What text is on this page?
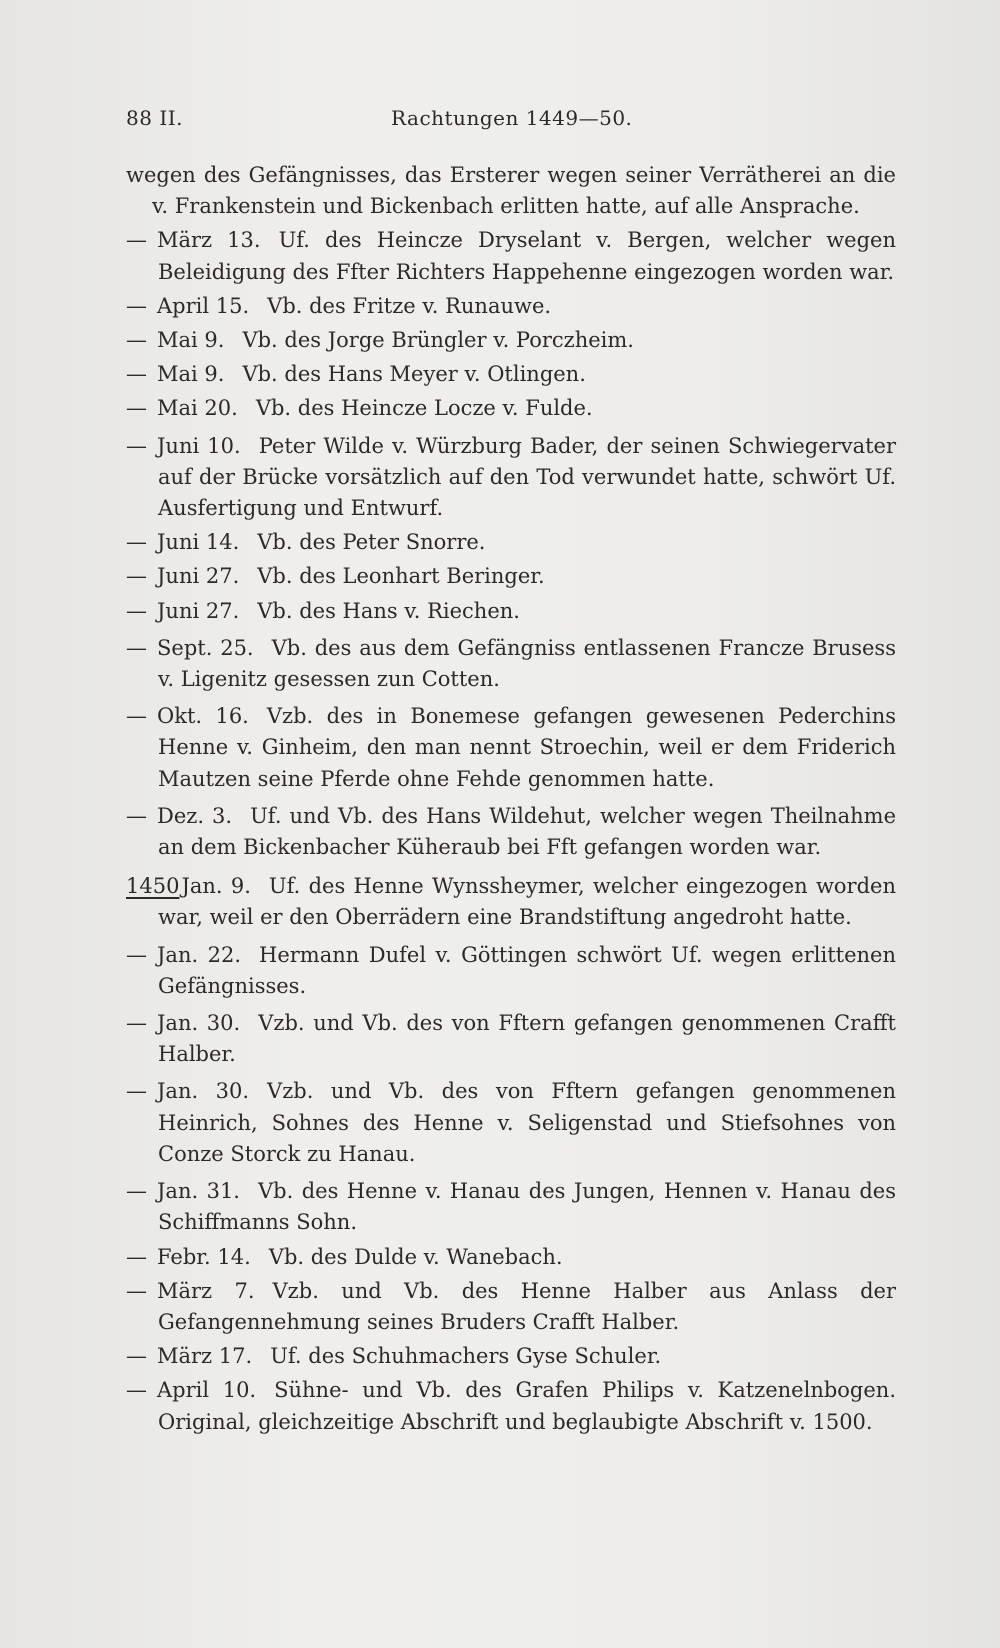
88 II.	Rachtungen 1449—50.
wegen des Gefängnisses, das Ersterer wegen seiner Verrätherei an die v. Frankenstein und Bickenbach erlitten hatte, auf alle Ansprache.
— März 13. Uf. des Heincze Dryselant v. Bergen, welcher wegen Beleidigung des Ffter Richters Happehenne eingezogen worden war.
— April 15. Vb. des Fritze v. Runauwe.
— Mai 9. Vb. des Jorge Brüngler v. Porczheim.
— Mai 9. Vb. des Hans Meyer v. Otlingen.
— Mai 20. Vb. des Heincze Locze v. Fulde.
— Juni 10. Peter Wilde v. Würzburg Bader, der seinen Schwiegervater auf der Brücke vorsätzlich auf den Tod verwundet hatte, schwört Uf. Ausfertigung und Entwurf.
— Juni 14. Vb. des Peter Snorre.
— Juni 27. Vb. des Leonhart Beringer.
— Juni 27. Vb. des Hans v. Riechen.
— Sept. 25. Vb. des aus dem Gefängniss entlassenen Francze Brusess v. Ligenitz gesessen zun Cotten.
— Okt. 16. Vzb. des in Bonemese gefangen gewesenen Pederchins Henne v. Ginheim, den man nennt Stroechin, weil er dem Friderich Mautzen seine Pferde ohne Fehde genommen hatte.
— Dez. 3. Uf. und Vb. des Hans Wildehut, welcher wegen Theilnahme an dem Bickenbacher Küheraub bei Fft gefangen worden war.
1450Jan. 9. Uf. des Henne Wynssheymer, welcher eingezogen worden war, weil er den Oberrädern eine Brandstiftung angedroht hatte.
— Jan. 22. Hermann Dufel v. Göttingen schwört Uf. wegen erlittenen Gefängnisses.
— Jan. 30. Vzb. und Vb. des von Fftern gefangen genommenen Crafft Halber.
— Jan. 30. Vzb. und Vb. des von Fftern gefangen genommenen Heinrich, Sohnes des Henne v. Seligenstad und Stiefsohnes von Conze Storck zu Hanau.
— Jan. 31. Vb. des Henne v. Hanau des Jungen, Hennen v. Hanau des Schiffmanns Sohn.
— Febr. 14. Vb. des Dulde v. Wanebach.
— März 7. Vzb. und Vb. des Henne Halber aus Anlass der Gefangennehmung seines Bruders Crafft Halber.
— März 17. Uf. des Schuhmachers Gyse Schuler.
— April 10. Sühne- und Vb. des Grafen Philips v. Katzenelnbogen. Original, gleichzeitige Abschrift und beglaubigte Abschrift v. 1500.
